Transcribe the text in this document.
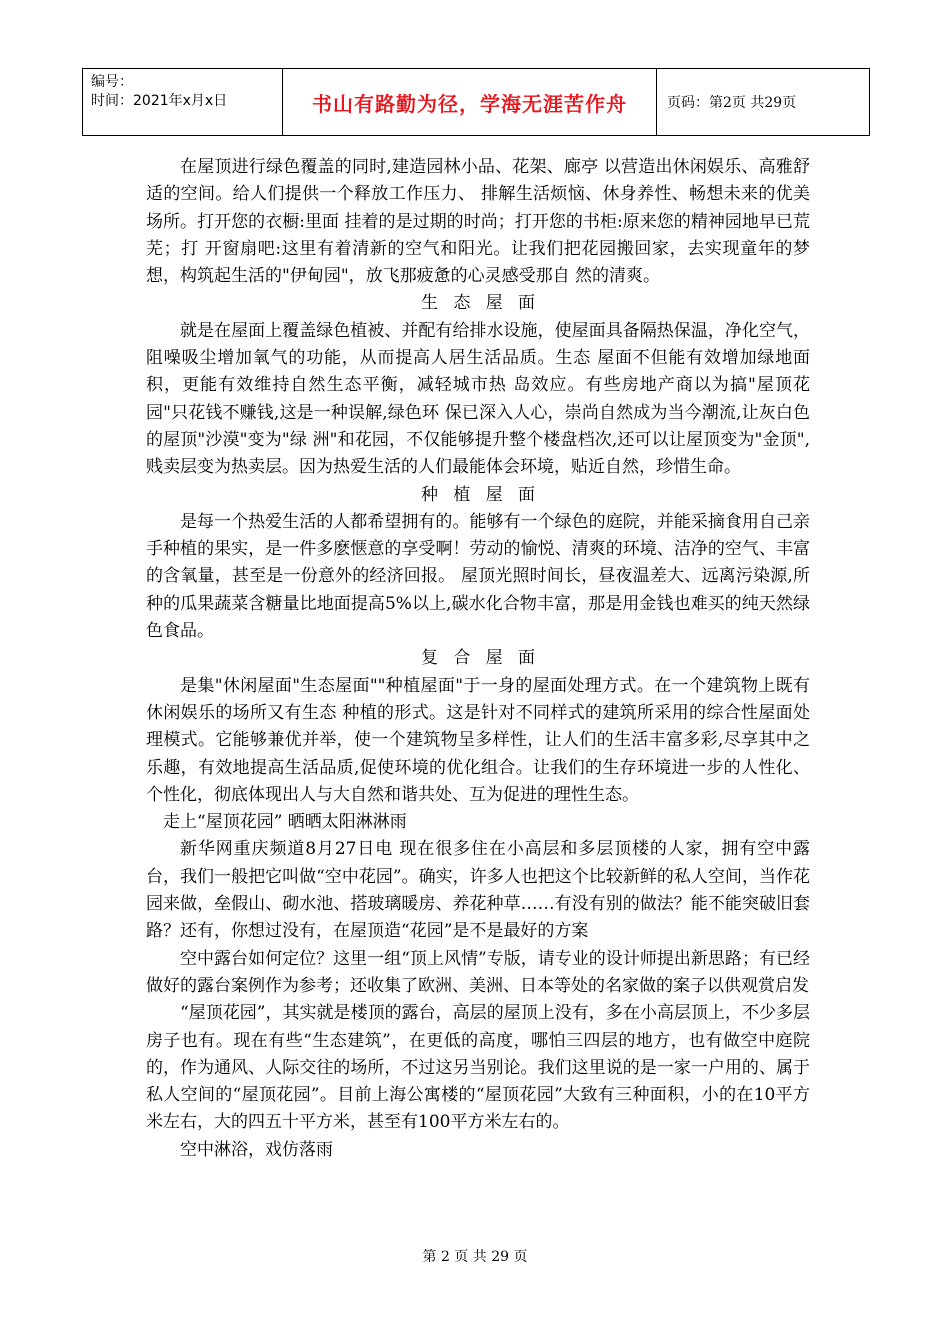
编号：
时间：2021年x月x日	书山有路勤为径，学海无涯苦作舟	页码：第2页 共29页

在屋顶进行绿色覆盖的同时,建造园林小品、花架、廊亭 以营造出休闲娱乐、高雅舒适的空间。给人们提供一个释放工作压力、 排解生活烦恼、休身养性、畅想未来的优美场所。打开您的衣橱:里面 挂着的是过期的时尚；打开您的书柜:原来您的精神园地早已荒芜；打 开窗扇吧:这里有着清新的空气和阳光。让我们把花园搬回家，去实现童年的梦想，构筑起生活的"伊甸园"，放飞那疲惫的心灵感受那自 然的清爽。

生态屋面

就是在屋面上覆盖绿色植被、并配有给排水设施，使屋面具备隔热保温，净化空气，阻噪吸尘增加氧气的功能，从而提高人居生活品质。生态 屋面不但能有效增加绿地面积，更能有效维持自然生态平衡，减轻城市热 岛效应。有些房地产商以为搞"屋顶花园"只花钱不赚钱,这是一种误解,绿色环 保已深入人心，崇尚自然成为当今潮流,让灰白色的屋顶"沙漠"变为"绿 洲"和花园，不仅能够提升整个楼盘档次,还可以让屋顶变为"金顶",贱卖层变为热卖层。因为热爱生活的人们最能体会环境，贴近自然，珍惜生命。

种植屋面

是每一个热爱生活的人都希望拥有的。能够有一个绿色的庭院，并能采摘食用自己亲手种植的果实，是一件多麽惬意的享受啊！劳动的愉悦、清爽的环境、洁净的空气、丰富的含氧量，甚至是一份意外的经济回报。 屋顶光照时间长，昼夜温差大、远离污染源,所种的瓜果蔬菜含糖量比地面提高5%以上,碳水化合物丰富，那是用金钱也难买的纯天然绿色食品。

复合屋面

是集"休闲屋面"生态屋面""种植屋面"于一身的屋面处理方式。在一个建筑物上既有休闲娱乐的场所又有生态 种植的形式。这是针对不同样式的建筑所采用的综合性屋面处理模式。它能够兼优并举，使一个建筑物呈多样性，让人们的生活丰富多彩,尽享其中之乐趣，有效地提高生活品质,促使环境的优化组合。让我们的生存环境进一步的人性化、个性化，彻底体现出人与大自然和谐共处、互为促进的理性生态。

走上“屋顶花园” 晒晒太阳淋淋雨

新华网重庆频道8月27日电 现在很多住在小高层和多层顶楼的人家，拥有空中露台，我们一般把它叫做“空中花园”。确实，许多人也把这个比较新鲜的私人空间，当作花园来做，垒假山、砌水池、搭玻璃暖房、养花种草……有没有别的做法？能不能突破旧套路？还有，你想过没有，在屋顶造“花园”是不是最好的方案

空中露台如何定位？这里一组“顶上风情”专版，请专业的设计师提出新思路；有已经做好的露台案例作为参考；还收集了欧洲、美洲、日本等处的名家做的案子以供观赏启发

“屋顶花园”，其实就是楼顶的露台，高层的屋顶上没有，多在小高层顶上，不少多层房子也有。现在有些“生态建筑”，在更低的高度，哪怕三四层的地方，也有做空中庭院的，作为通风、人际交往的场所，不过这另当别论。我们这里说的是一家一户用的、属于私人空间的“屋顶花园”。目前上海公寓楼的“屋顶花园”大致有三种面积，小的在10平方米左右，大的四五十平方米，甚至有100平方米左右的。

空中淋浴，戏仿落雨

第 2 页 共 29 页
